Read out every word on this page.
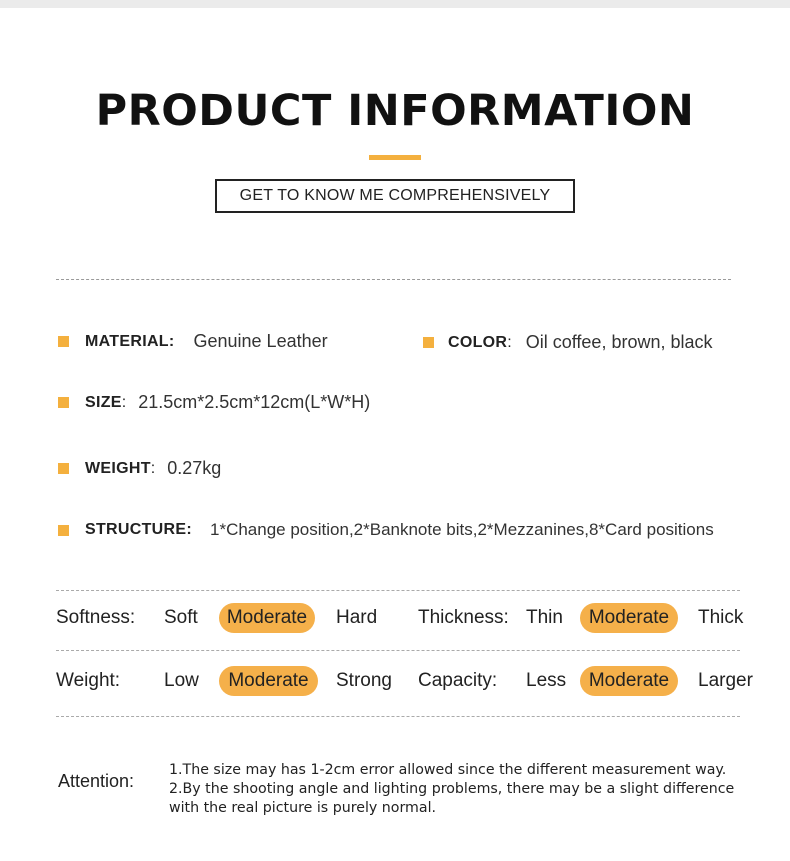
PRODUCT INFORMATION
GET TO KNOW ME COMPREHENSIVELY
MATERIAL: Genuine Leather	COLOR : Oil coffee, brown, black
SIZE : 21.5cm*2.5cm*12cm(L*W*H)
WEIGHT : 0.27kg
STRUCTURE: 1*Change position,2*Banknote bits,2*Mezzanines,8*Card positions
Softness: Soft	Moderate	Hard Thickness: Thin	Moderate	Thick
Weight: Low	Moderate	Strong Capacity: Less	Moderate	Larger
Attention:
1.The size may has 1-2cm error allowed since the different measurement way.
2.By the shooting angle and lighting problems, there may be a slight difference
with the real picture is purely normal.
